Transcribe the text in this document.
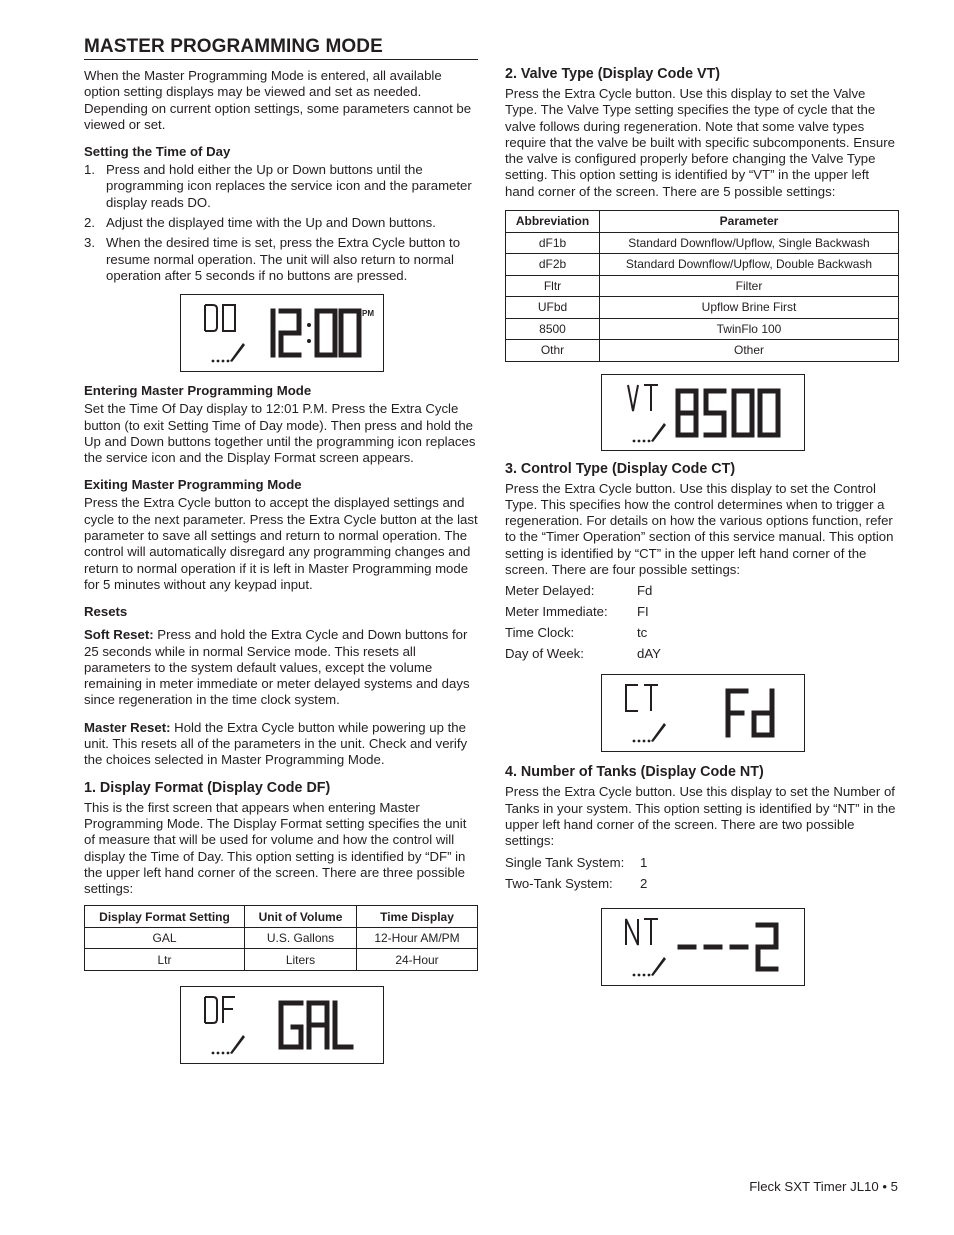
MASTER PROGRAMMING MODE

When the Master Programming Mode is entered, all available option setting displays may be viewed and set as needed. Depending on current option settings, some parameters cannot be viewed or set.

Setting the Time of Day
1. Press and hold either the Up or Down buttons until the programming icon replaces the service icon and the parameter display reads DO.
2. Adjust the displayed time with the Up and Down buttons.
3. When the desired time is set, press the Extra Cycle button to resume normal operation. The unit will also return to normal operation after 5 seconds if no buttons are pressed.
PM
Entering Master Programming Mode

Set the Time Of Day display to 12:01 P.M. Press the Extra Cycle button (to exit Setting Time of Day mode). Then press and hold the Up and Down buttons together until the programming icon replaces the service icon and the Display Format screen appears.

Exiting Master Programming Mode

Press the Extra Cycle button to accept the displayed settings and cycle to the next parameter. Press the Extra Cycle button at the last parameter to save all settings and return to normal operation. The control will automatically disregard any programming changes and return to normal operation if it is left in Master Programming mode for 5 minutes without any keypad input.

Resets

Soft Reset: Press and hold the Extra Cycle and Down buttons for 25 seconds while in normal Service mode. This resets all parameters to the system default values, except the volume remaining in meter immediate or meter delayed systems and days since regeneration in the time clock system.

Master Reset: Hold the Extra Cycle button while powering up the unit. This resets all of the parameters in the unit. Check and verify the choices selected in Master Programming Mode.

1. Display Format (Display Code DF)

This is the first screen that appears when entering Master Programming Mode. The Display Format setting specifies the unit of measure that will be used for volume and how the control will display the Time of Day. This option setting is identified by “DF” in the upper left hand corner of the screen. There are three possible settings:

Display Format Setting	Unit of Volume	Time Display
GAL	U.S. Gallons	12-Hour AM/PM
Ltr	Liters	24-Hour
2. Valve Type (Display Code VT)

Press the Extra Cycle button. Use this display to set the Valve Type. The Valve Type setting specifies the type of cycle that the valve follows during regeneration. Note that some valve types require that the valve be built with specific subcomponents. Ensure the valve is configured properly before changing the Valve Type setting. This option setting is identified by “VT” in the upper left hand corner of the screen. There are 5 possible settings:

Abbreviation	Parameter
dF1b	Standard Downflow/Upflow, Single Backwash
dF2b	Standard Downflow/Upflow, Double Backwash
Fltr	Filter
UFbd	Upflow Brine First
8500	TwinFlo 100
Othr	Other
3. Control Type (Display Code CT)

Press the Extra Cycle button. Use this display to set the Control Type. This specifies how the control determines when to trigger a regeneration. For details on how the various options function, refer to the “Timer Operation” section of this service manual. This option setting is identified by “CT” in the upper left hand corner of the screen. There are four possible settings:

Meter Delayed:	Fd
Meter Immediate:	FI
Time Clock:	tc
Day of Week:	dAY
4. Number of Tanks (Display Code NT)

Press the Extra Cycle button. Use this display to set the Number of Tanks in your system. This option setting is identified by “NT” in the upper left hand corner of the screen. There are two possible settings:

Single Tank System:	1
Two-Tank System:	2
Fleck SXT Timer JL10 • 5
